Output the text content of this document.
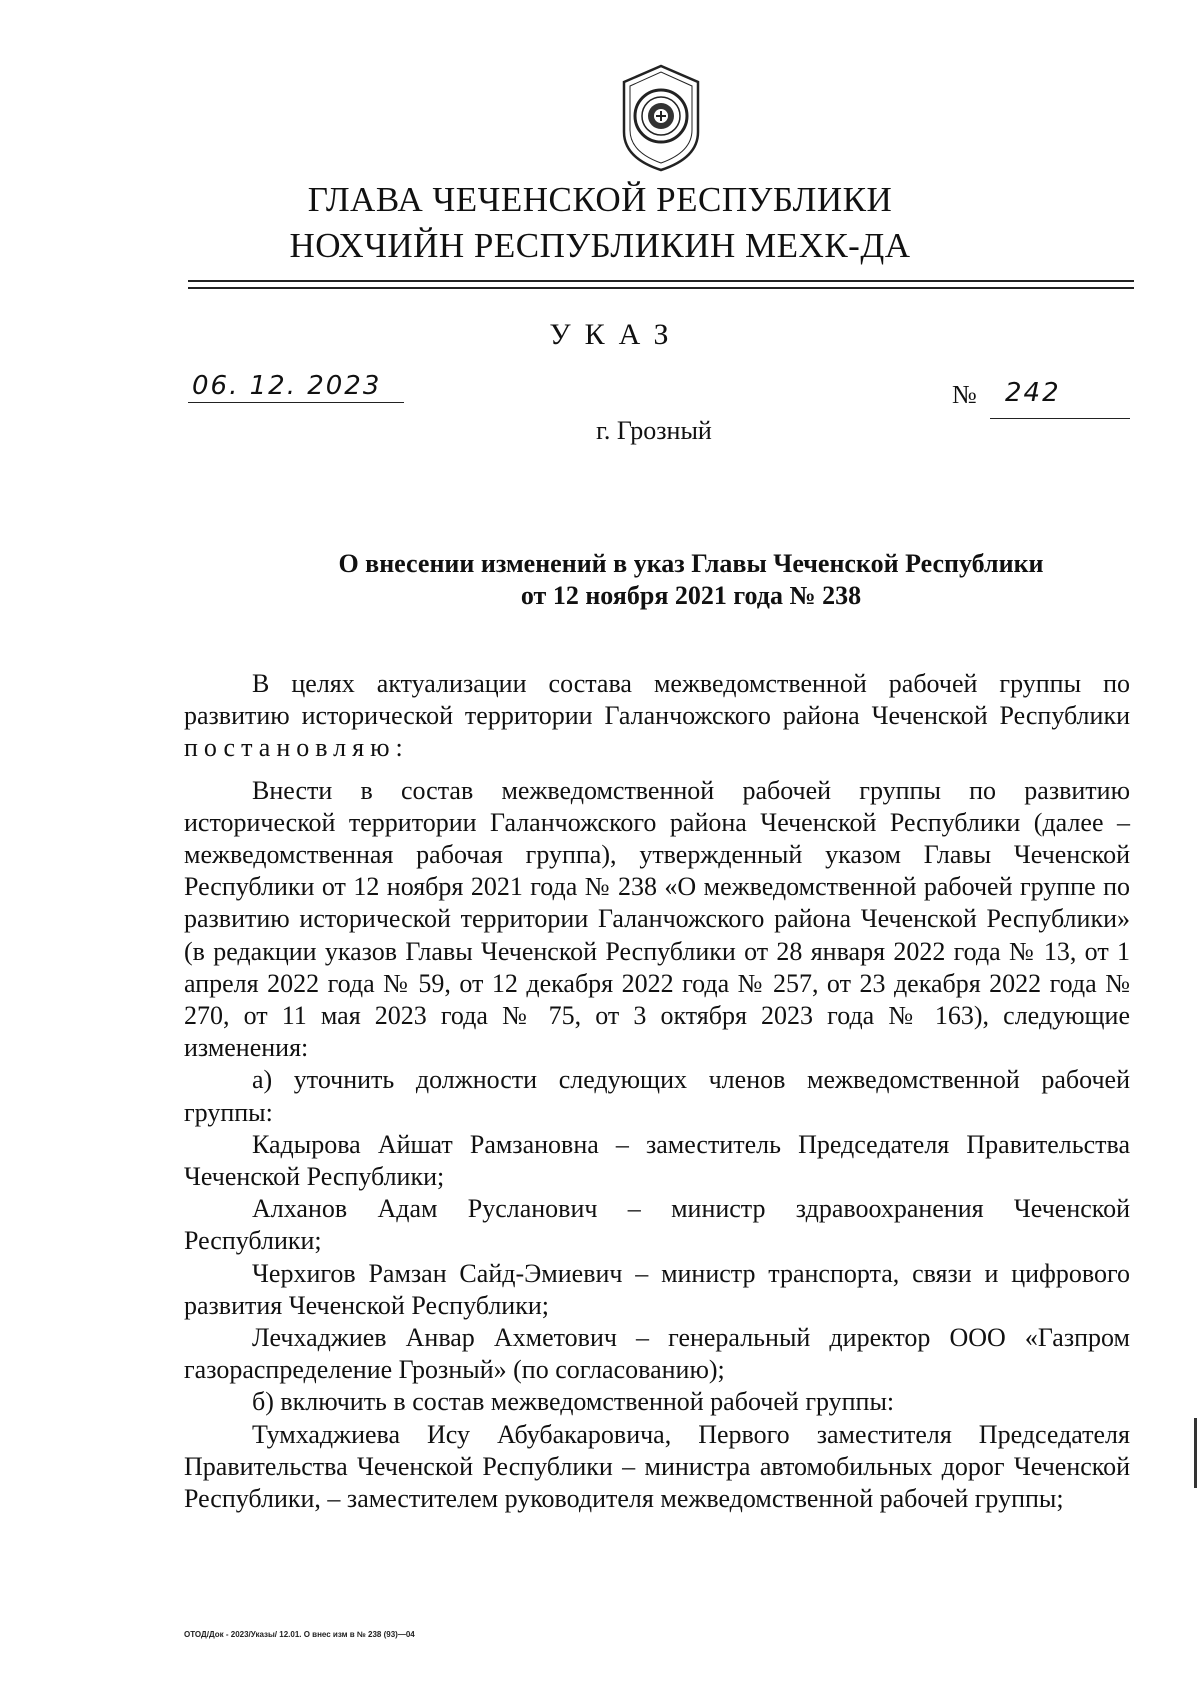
ГЛАВА ЧЕЧЕНСКОЙ РЕСПУБЛИКИ
НОХЧИЙН РЕСПУБЛИКИН МЕХК-ДА
УКАЗ
06. 12. 2023	№ 242
г. Грозный
О внесении изменений в указ Главы Чеченской Республики
от 12 ноября 2021 года № 238

В целях актуализации состава межведомственной рабочей группы по развитию исторической территории Галанчожского района Чеченской Республики постановляю:

Внести в состав межведомственной рабочей группы по развитию исторической территории Галанчожского района Чеченской Республики (далее – межведомственная рабочая группа), утвержденный указом Главы Чеченской Республики от 12 ноября 2021 года № 238 «О межведомственной рабочей группе по развитию исторической территории Галанчожского района Чеченской Республики» (в редакции указов Главы Чеченской Республики от 28 января 2022 года № 13, от 1 апреля 2022 года № 59, от 12 декабря 2022 года № 257, от 23 декабря 2022 года № 270, от 11 мая 2023 года № 75, от 3 октября 2023 года № 163), следующие изменения:

а) уточнить должности следующих членов межведомственной рабочей группы:

Кадырова Айшат Рамзановна – заместитель Председателя Правительства Чеченской Республики;

Алханов Адам Русланович – министр здравоохранения Чеченской Республики;

Черхигов Рамзан Сайд-Эмиевич – министр транспорта, связи и цифрового развития Чеченской Республики;

Лечхаджиев Анвар Ахметович – генеральный директор ООО «Газпром газораспределение Грозный» (по согласованию);

б) включить в состав межведомственной рабочей группы:

Тумхаджиева Ису Абубакаровича, Первого заместителя Председателя Правительства Чеченской Республики – министра автомобильных дорог Чеченской Республики, – заместителем руководителя межведомственной рабочей группы;

ОТОД/Док - 2023/Указы/ 12.01. О внес изм в № 238 (93)—04
